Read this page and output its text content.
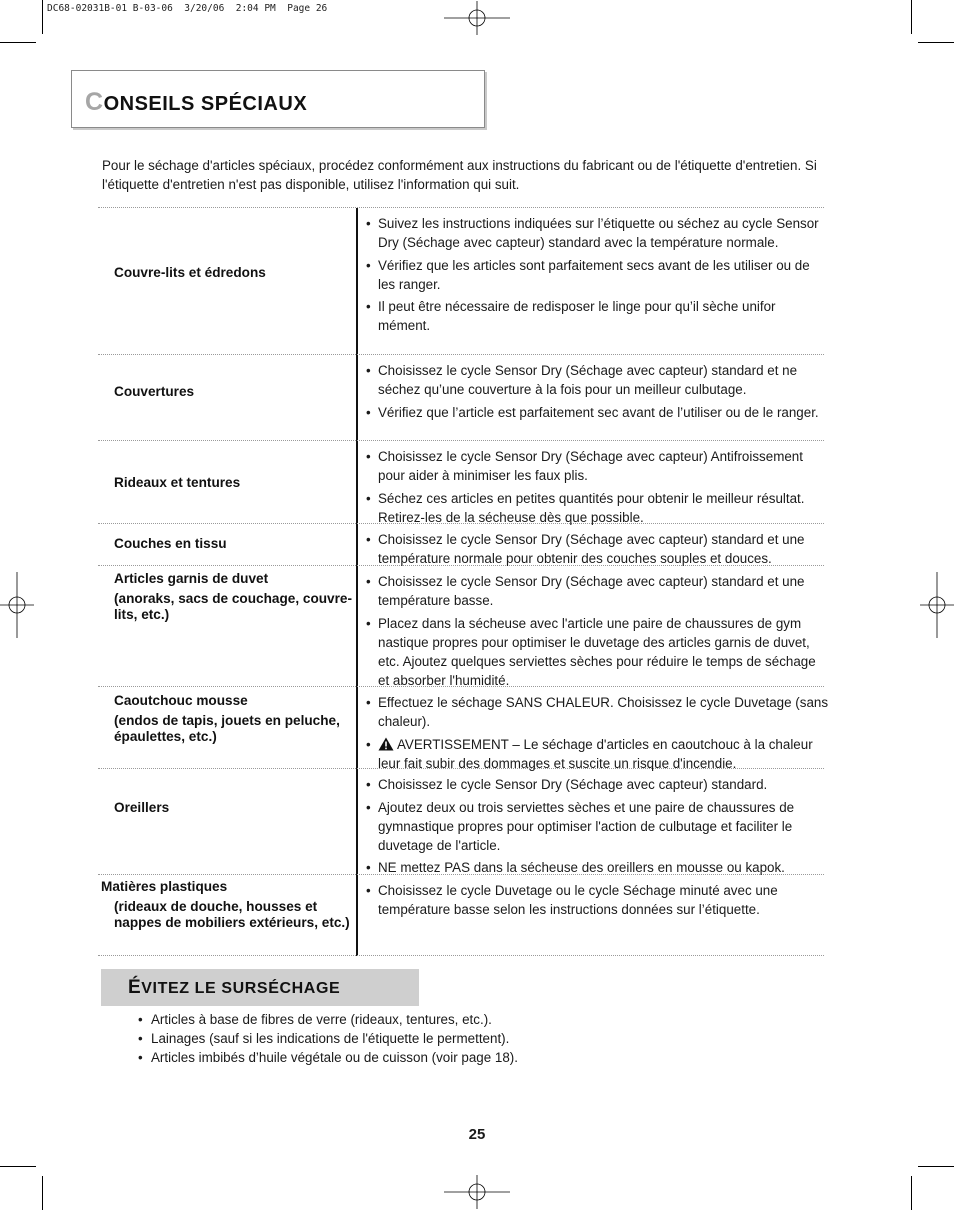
DC68-02031B-01 B-03-06  3/20/06  2:04 PM  Page 26
CONSEILS SPÉCIAUX

Pour le séchage d'articles spéciaux, procédez conformément aux instructions du fabricant ou de l'étiquette d'entretien. Si l'étiquette d'entretien n'est pas disponible, utilisez l'information qui suit.

Couvre-lits et édredons
• Suivez les instructions indiquées sur l’étiquette ou séchez au cycle Sensor Dry (Séchage avec capteur) standard avec la température normale.
• Vérifiez que les articles sont parfaitement secs avant de les utiliser ou de les ranger.
• Il peut être nécessaire de redisposer le linge pour qu’il sèche unifor mément.
Couvertures
• Choisissez le cycle Sensor Dry (Séchage avec capteur) standard et ne séchez qu’une couverture à la fois pour un meilleur culbutage.
• Vérifiez que l’article est parfaitement sec avant de l’utiliser ou de le ranger.
Rideaux et tentures
• Choisissez le cycle Sensor Dry (Séchage avec capteur) Antifroissement pour aider à minimiser les faux plis.
• Séchez ces articles en petites quantités pour obtenir le meilleur résultat. Retirez-les de la sécheuse dès que possible.
Couches en tissu
•	Choisissez le cycle Sensor Dry (Séchage avec capteur) standard et une température normale pour obtenir des couches souples et douces.
Articles garnis de duvet
(anoraks, sacs de couchage, couvre-lits, etc.)
• Choisissez le cycle Sensor Dry (Séchage avec capteur) standard et une température basse.
• Placez dans la sécheuse avec l'article une paire de chaussures de gym nastique propres pour optimiser le duvetage des articles garnis de duvet, etc. Ajoutez quelques serviettes sèches pour réduire le temps de séchage et absorber l'humidité.
Caoutchouc mousse
(endos de tapis, jouets en peluche, épaulettes, etc.)
• Effectuez le séchage SANS CHALEUR. Choisissez le cycle Duvetage (sans chaleur).
• AVERTISSEMENT – Le séchage d'articles en caoutchouc à la chaleur leur fait subir des dommages et suscite un risque d'incendie.
Oreillers
• Choisissez le cycle Sensor Dry (Séchage avec capteur) standard.
• Ajoutez deux ou trois serviettes sèches et une paire de chaussures de gymnastique propres pour optimiser l'action de culbutage et faciliter le duvetage de l'article.
• NE mettez PAS dans la sécheuse des oreillers en mousse ou kapok.
Matières plastiques
(rideaux de douche, housses et nappes de mobiliers extérieurs, etc.)
• Choisissez le cycle Duvetage ou le cycle Séchage minuté avec une température basse selon les instructions données sur l’étiquette.
ÉVITEZ LE SURSÉCHAGE
• Articles à base de fibres de verre (rideaux, tentures, etc.).
• Lainages (sauf si les indications de l'étiquette le permettent).
• Articles imbibés d’huile végétale ou de cuisson (voir page 18).
25
